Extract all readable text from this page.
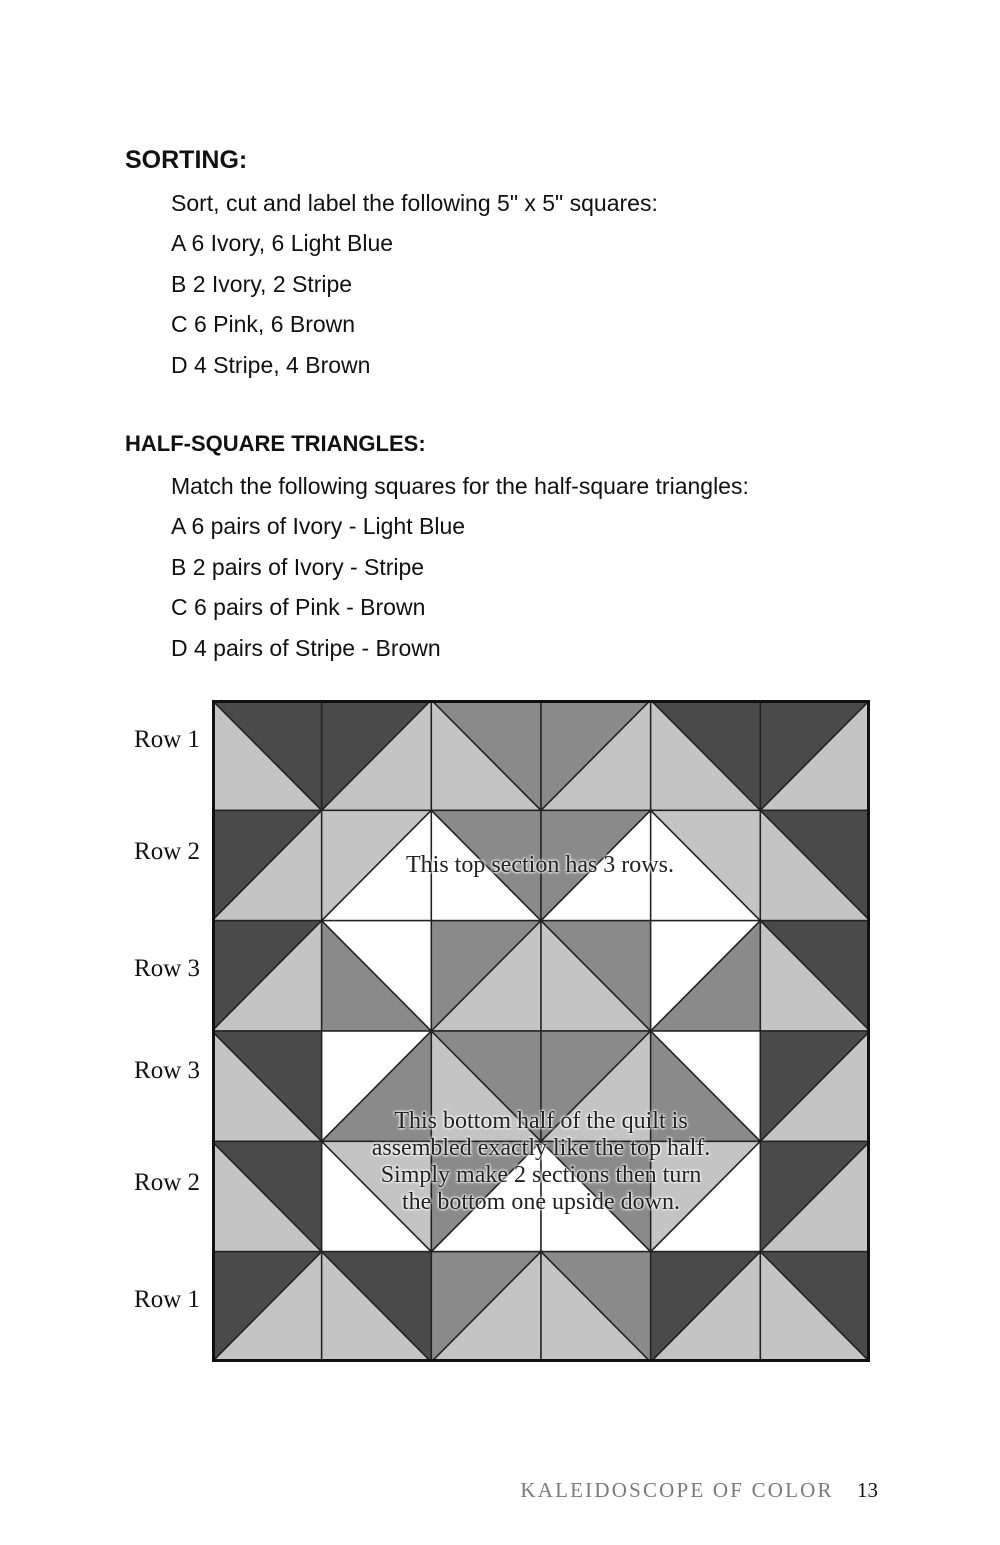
SORTING:
Sort, cut and label the following 5" x 5" squares:
A 6 Ivory, 6 Light Blue
B 2 Ivory, 2 Stripe
C 6 Pink, 6 Brown
D 4 Stripe, 4 Brown
HALF-SQUARE TRIANGLES:
Match the following squares for the half-square triangles:
A 6 pairs of Ivory - Light Blue
B 2 pairs of Ivory - Stripe
C 6 pairs of Pink - Brown
D 4 pairs of Stripe - Brown
Row 1
Row 2
Row 3
Row 3
Row 2
Row 1
This top section has 3 rows.
This bottom half of the quilt is
assembled exactly like the top half.
Simply make 2 sections then turn
the bottom one upside down.
KALEIDOSCOPE OF COLOR 13
